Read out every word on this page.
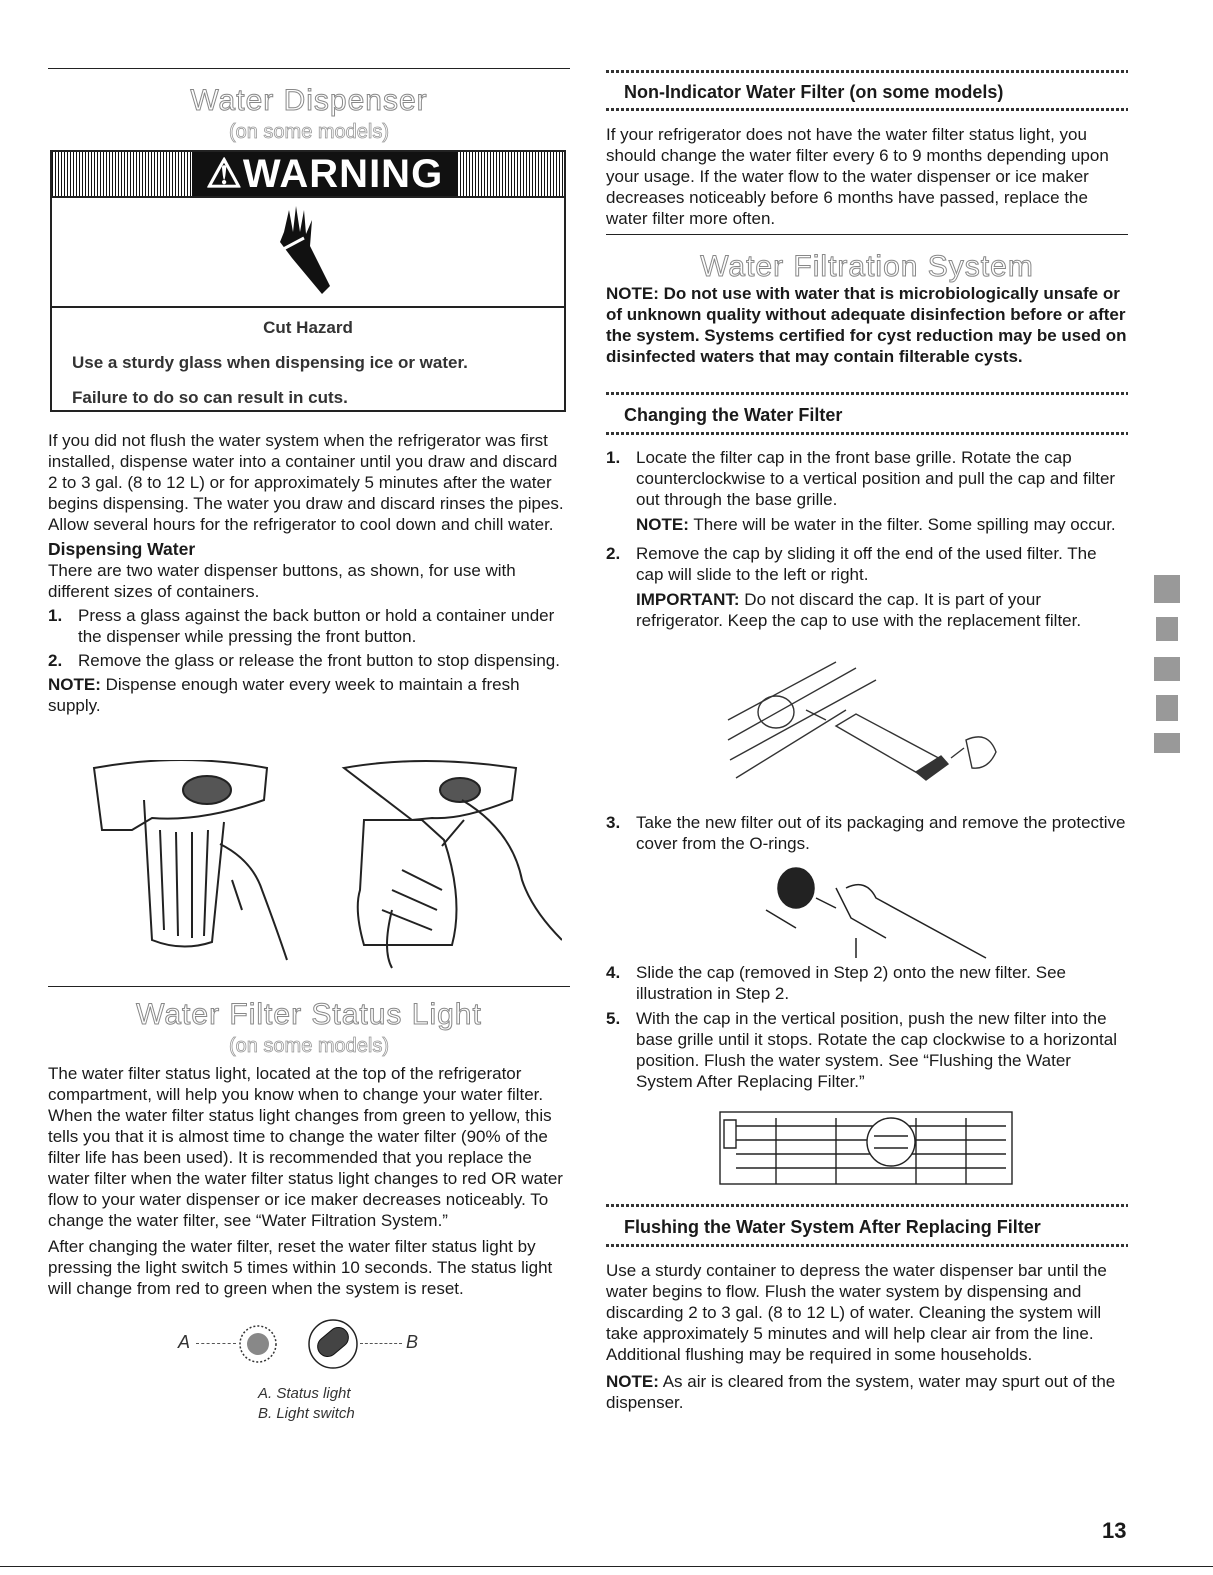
Water Dispenser

(on some models)

⚠WARNING
Cut Hazard

Use a sturdy glass when dispensing ice or water.

Failure to do so can result in cuts.

If you did not flush the water system when the refrigerator was first installed, dispense water into a container until you draw and discard 2 to 3 gal. (8 to 12 L) or for approximately 5 minutes after the water begins dispensing. The water you draw and discard rinses the pipes. Allow several hours for the refrigerator to cool down and chill water.

Dispensing Water

There are two water dispenser buttons, as shown, for use with different sizes of containers.

1. Press a glass against the back button or hold a container under the dispenser while pressing the front button.
2. Remove the glass or release the front button to stop dispensing.

NOTE: Dispense enough water every week to maintain a fresh supply.

Water Filter Status Light

(on some models)

The water filter status light, located at the top of the refrigerator compartment, will help you know when to change your water filter. When the water filter status light changes from green to yellow, this tells you that it is almost time to change the water filter (90% of the filter life has been used). It is recommended that you replace the water filter when the water filter status light changes to red OR water flow to your water dispenser or ice maker decreases noticeably. To change the water filter, see “Water Filtration System.”

After changing the water filter, reset the water filter status light by pressing the light switch 5 times within 10 seconds. The status light will change from red to green when the system is reset.

A	B
A. Status light
B. Light switch
Non-Indicator Water Filter (on some models)

If your refrigerator does not have the water filter status light, you should change the water filter every 6 to 9 months depending upon your usage. If the water flow to the water dispenser or ice maker decreases noticeably before 6 months have passed, replace the water filter more often.

Water Filtration System

NOTE: Do not use with water that is microbiologically unsafe or of unknown quality without adequate disinfection before or after the system. Systems certified for cyst reduction may be used on disinfected waters that may contain filterable cysts.

Changing the Water Filter
1. Locate the filter cap in the front base grille. Rotate the cap counterclockwise to a vertical position and pull the cap and filter out through the base grille.

NOTE: There will be water in the filter. Some spilling may occur.

2. Remove the cap by sliding it off the end of the used filter. The cap will slide to the left or right.

IMPORTANT: Do not discard the cap. It is part of your refrigerator. Keep the cap to use with the replacement filter.

3. Take the new filter out of its packaging and remove the protective cover from the O-rings.
4. Slide the cap (removed in Step 2) onto the new filter. See illustration in Step 2.
5. With the cap in the vertical position, push the new filter into the base grille until it stops. Rotate the cap clockwise to a horizontal position. Flush the water system. See “Flushing the Water System After Replacing Filter.”
Flushing the Water System After Replacing Filter

Use a sturdy container to depress the water dispenser bar until the water begins to flow. Flush the water system by dispensing and discarding 2 to 3 gal. (8 to 12 L) of water. Cleaning the system will take approximately 5 minutes and will help clear air from the line. Additional flushing may be required in some households.

NOTE: As air is cleared from the system, water may spurt out of the dispenser.

13
